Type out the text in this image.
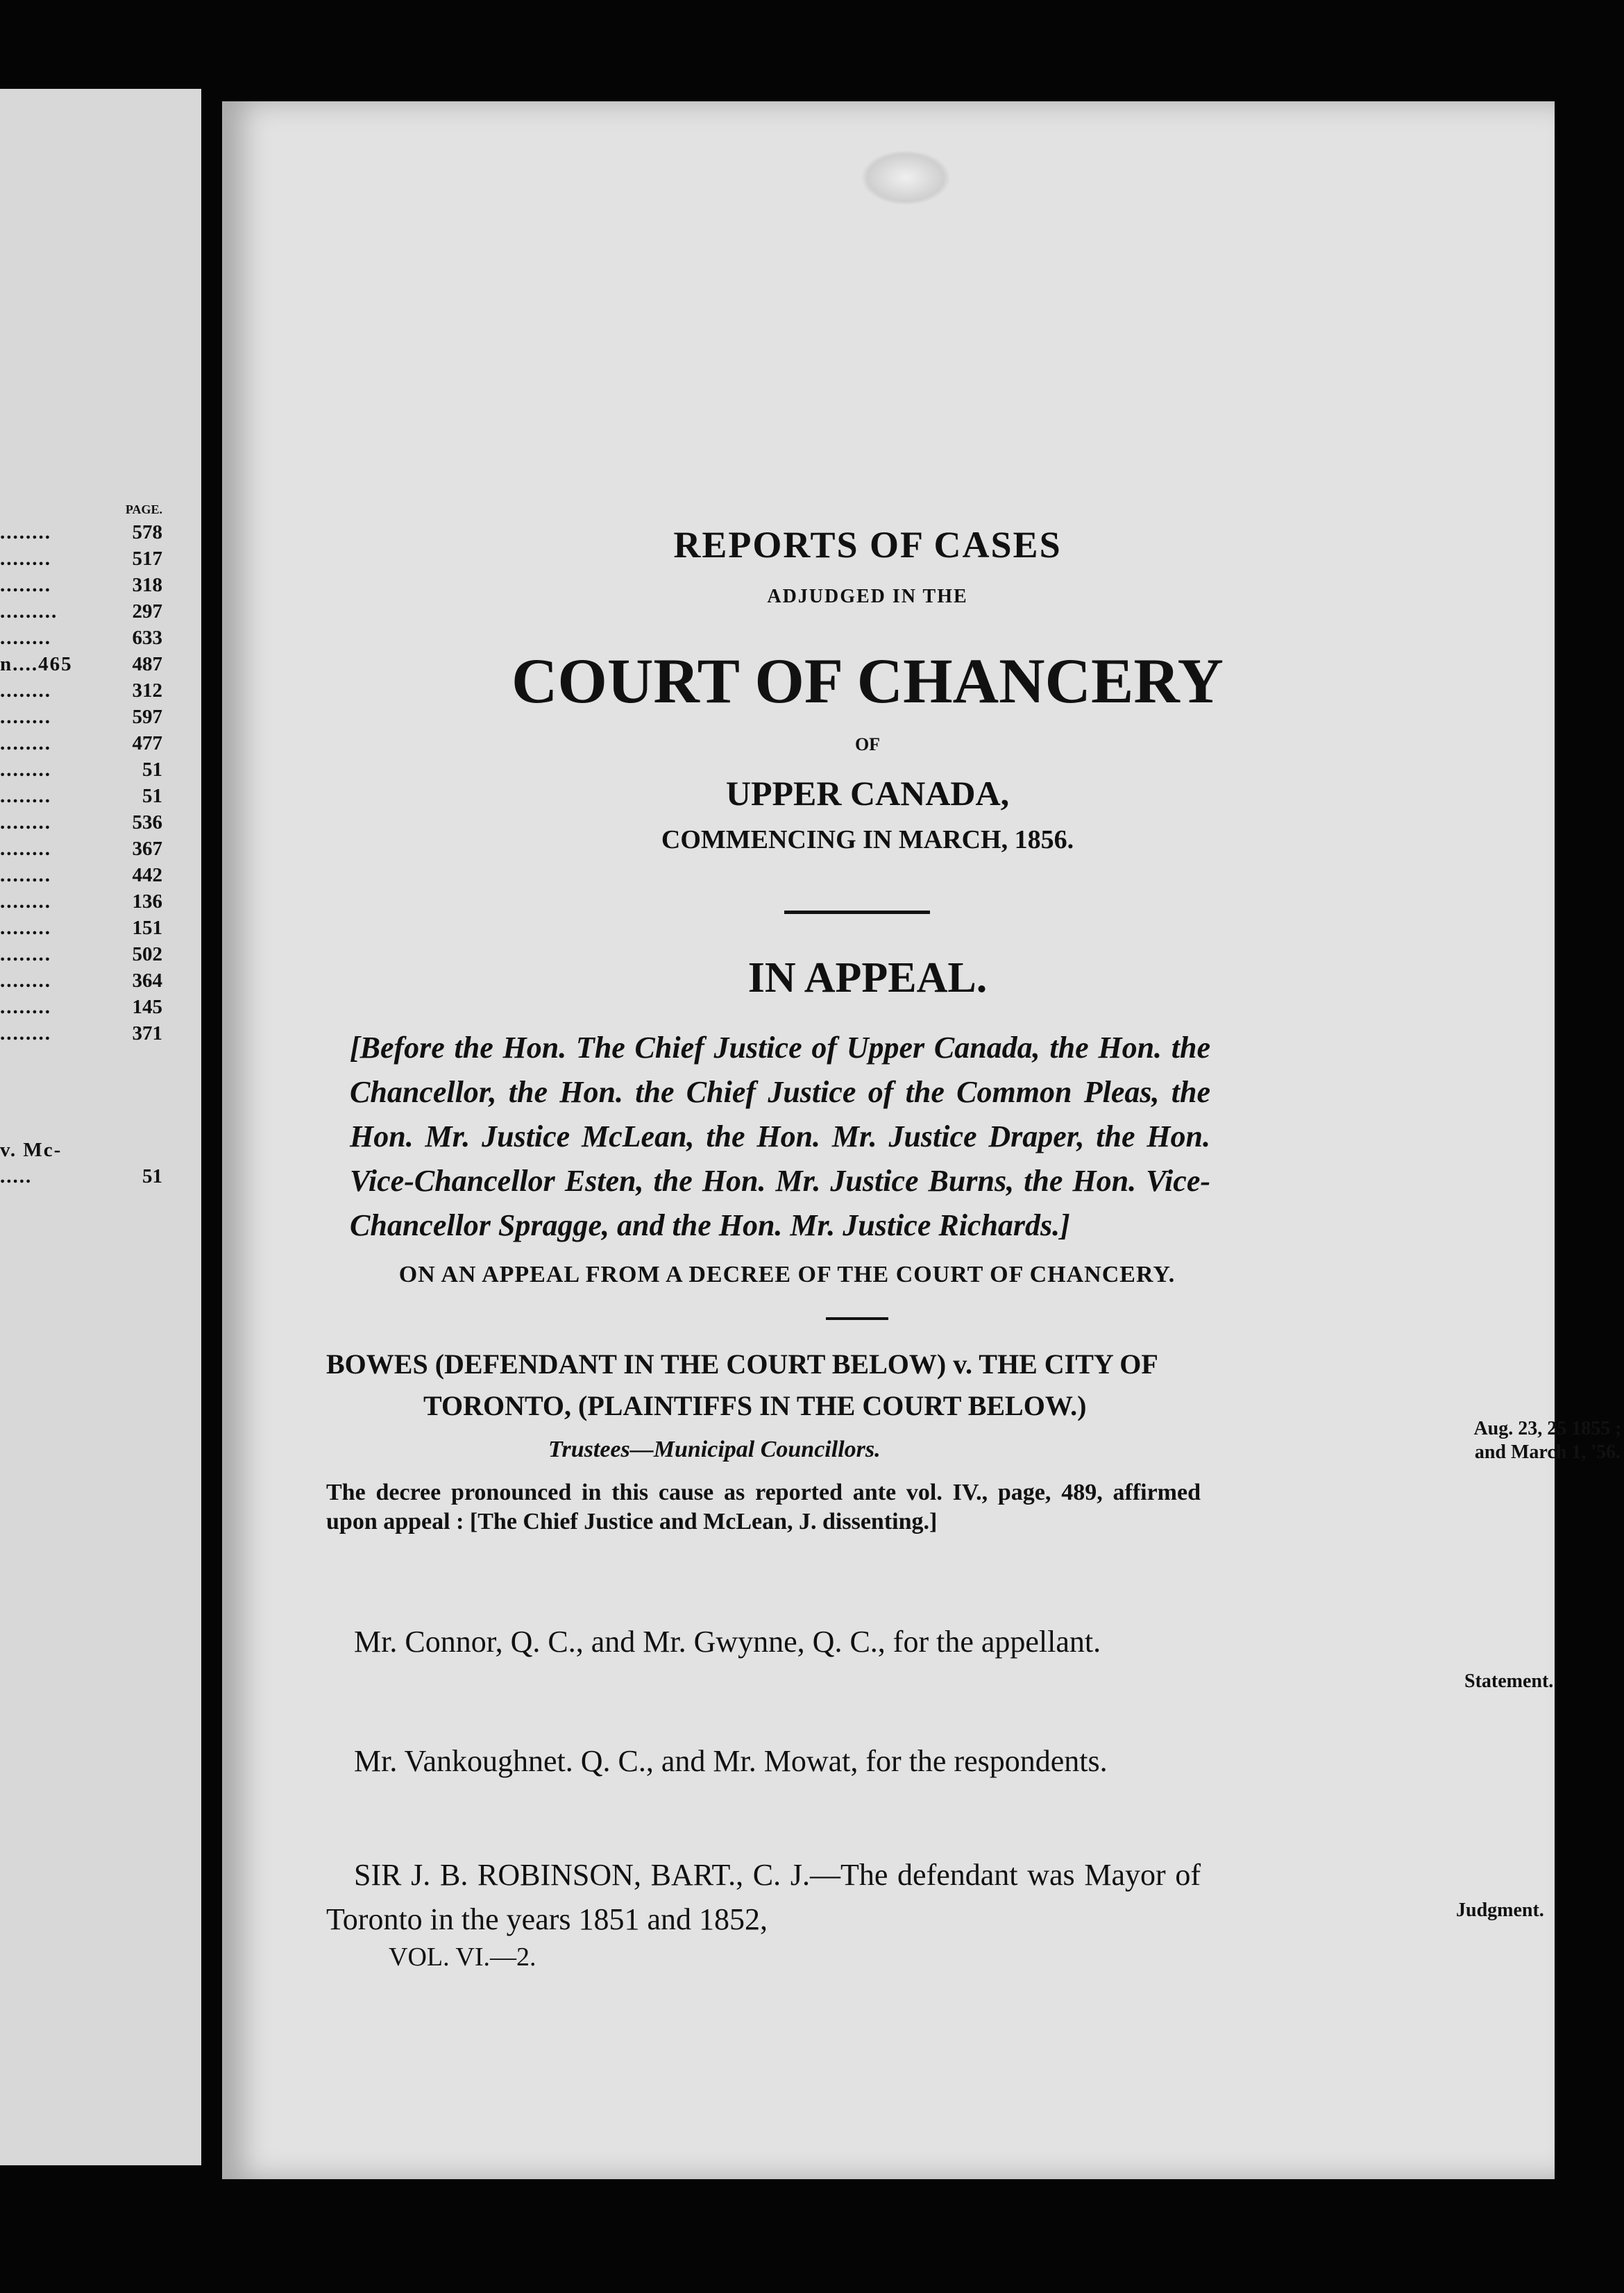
PAGE.
........	578
........	517
........	318
.........	297
........	633
n....465	487
........	312
........	597
........	477
........	51
........	51
........	536
........	367
........	442
........	136
........	151
........	502
........	364
........	145
........	371
v. Mc-
.....	51
REPORTS OF CASES
ADJUDGED IN THE
COURT OF CHANCERY
OF
UPPER CANADA,
COMMENCING IN MARCH, 1856.
IN APPEAL.
[Before the Hon. The Chief Justice of Upper Canada, the Hon. the Chancellor, the Hon. the Chief Justice of the Common Pleas, the Hon. Mr. Justice McLean, the Hon. Mr. Justice Draper, the Hon. Vice-Chancellor Esten, the Hon. Mr. Justice Burns, the Hon. Vice-Chancellor Spragge, and the Hon. Mr. Justice Richards.]
ON AN APPEAL FROM A DECREE OF THE COURT OF CHANCERY.
BOWES (DEFENDANT IN THE COURT BELOW) v. THE CITY OF
TORONTO, (PLAINTIFFS IN THE COURT BELOW.)
Trustees—Municipal Councillors.
The decree pronounced in this cause as reported ante vol. IV., page, 489, affirmed upon appeal : [The Chief Justice and McLean, J. dissenting.]
Mr. Connor, Q. C., and Mr. Gwynne, Q. C., for the appellant.
Mr. Vankoughnet. Q. C., and Mr. Mowat, for the respondents.
SIR J. B. ROBINSON, BART., C. J.—The defendant was Mayor of Toronto in the years 1851 and 1852,
VOL. VI.—2.
Aug. 23, 25 1855 ; and March 1, '56.
Statement.
Judgment.
